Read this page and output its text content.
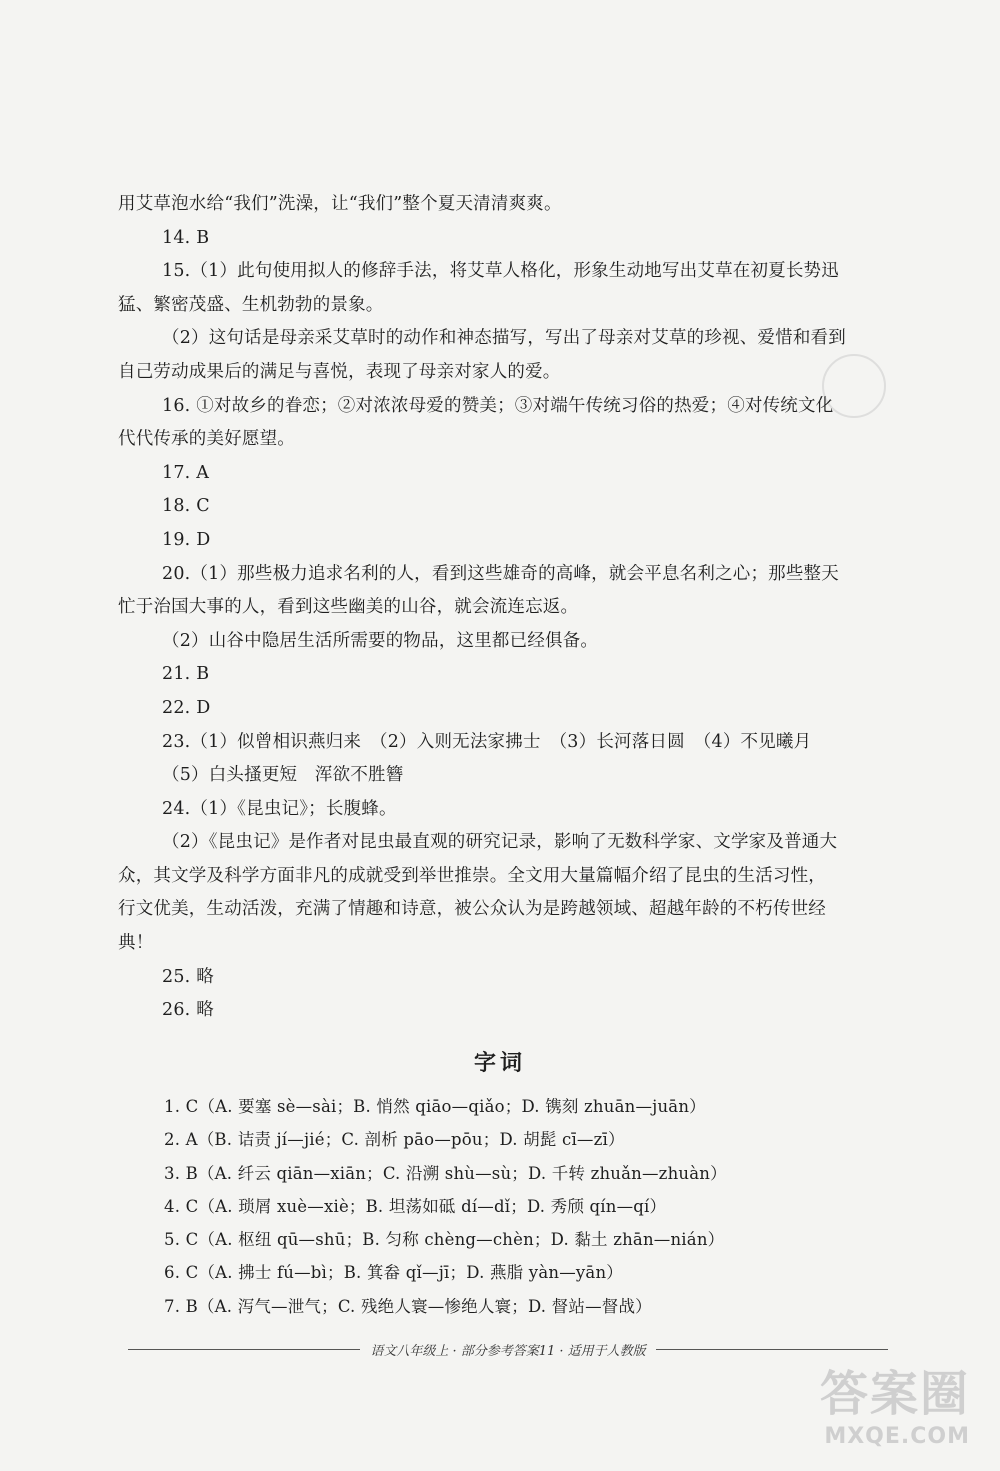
用艾草泡水给“我们”洗澡，让“我们”整个夏天清清爽爽。

14. B

15.（1）此句使用拟人的修辞手法，将艾草人格化，形象生动地写出艾草在初夏长势迅

猛、繁密茂盛、生机勃勃的景象。

（2）这句话是母亲采艾草时的动作和神态描写，写出了母亲对艾草的珍视、爱惜和看到

自己劳动成果后的满足与喜悦，表现了母亲对家人的爱。

16. ①对故乡的眷恋；②对浓浓母爱的赞美；③对端午传统习俗的热爱；④对传统文化

代代传承的美好愿望。

17. A

18. C

19. D

20.（1）那些极力追求名利的人，看到这些雄奇的高峰，就会平息名利之心；那些整天

忙于治国大事的人，看到这些幽美的山谷，就会流连忘返。

（2）山谷中隐居生活所需要的物品，这里都已经俱备。

21. B

22. D

23.（1）似曾相识燕归来　（2）入则无法家拂士　（3）长河落日圆　（4）不见曦月

（5）白头搔更短　浑欲不胜簪

24.（1）《昆虫记》；长腹蜂。

（2）《昆虫记》是作者对昆虫最直观的研究记录，影响了无数科学家、文学家及普通大

众，其文学及科学方面非凡的成就受到举世推崇。全文用大量篇幅介绍了昆虫的生活习性，

行文优美，生动活泼，充满了情趣和诗意，被公众认为是跨越领域、超越年龄的不朽传世经

典！

25. 略

26. 略

字词

1. C（A. 要塞 sè—sài；B. 悄然 qiāo—qiǎo；D. 镌刻 zhuān—juān）

2. A（B. 诘责 jí—jié；C. 剖析 pāo—pōu；D. 胡髭 cī—zī）

3. B（A. 纤云 qiān—xiān；C. 沿溯 shù—sù；D. 千转 zhuǎn—zhuàn）

4. C（A. 琐屑 xuè—xiè；B. 坦荡如砥 dí—dǐ；D. 秀颀 qín—qí）

5. C（A. 枢纽 qū—shū；B. 匀称 chèng—chèn；D. 黏土 zhān—nián）

6. C（A. 拂士 fú—bì；B. 箕畚 qǐ—jī；D. 燕脂 yàn—yān）

7. B（A. 泻气—泄气；C. 残绝人寰—惨绝人寰；D. 督站—督战）

语文八年级上 · 部分参考答案11 · 适用于人教版
答案圈
MXQE.COM
